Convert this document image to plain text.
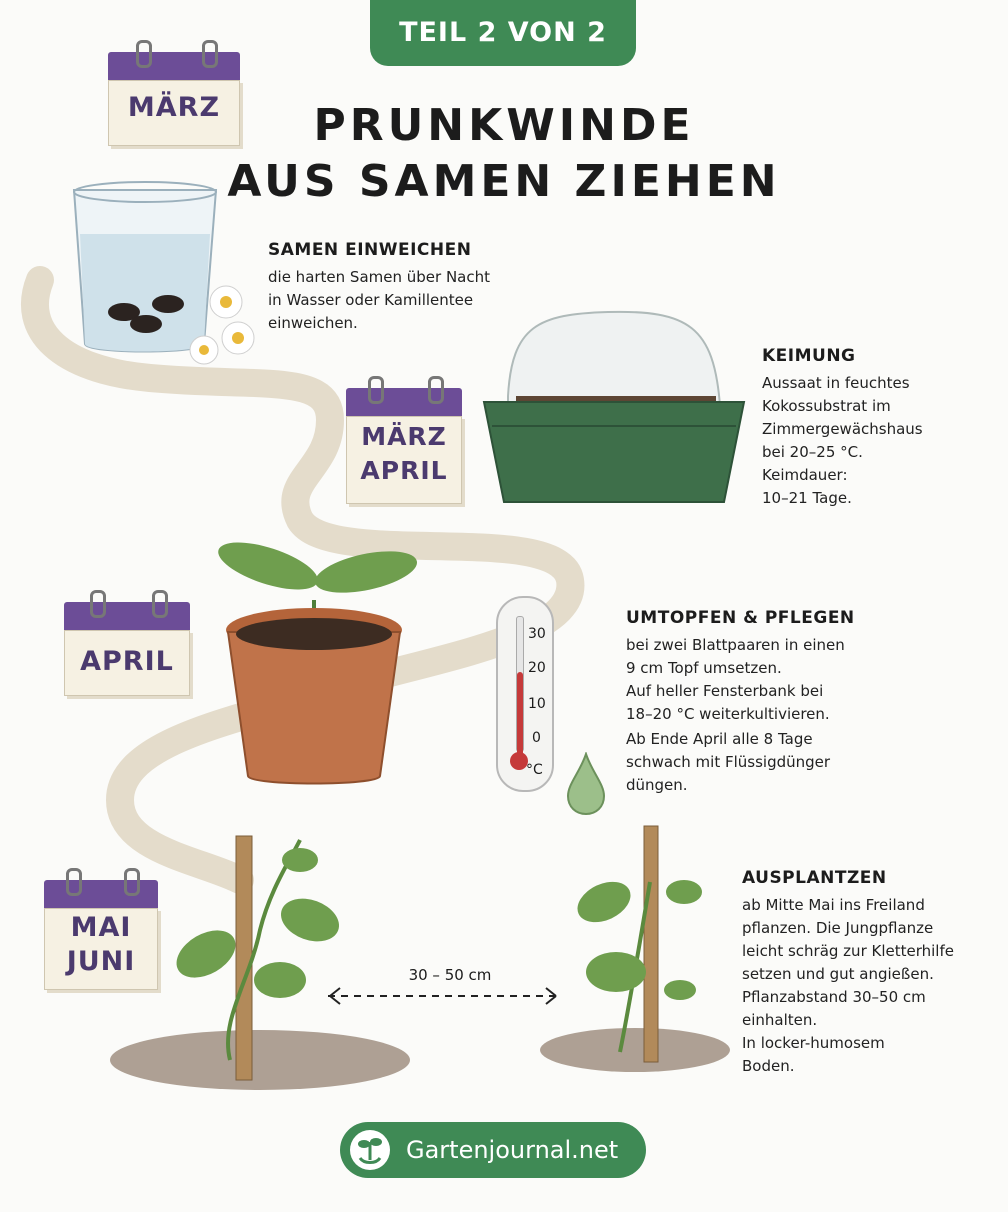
TEIL 2 VON 2
PRUNKWINDE
AUS SAMEN ZIEHEN
MÄRZ
SAMEN EINWEICHEN
die harten Samen über Nacht
in Wasser oder Kamillentee
einweichen.
MÄRZ
APRIL
KEIMUNG
Aussaat in feuchtes
Kokossubstrat im
Zimmergewächshaus
bei 20–25 °C.
Keimdauer:
10–21 Tage.
APRIL
30
20
10
0
°C
UMTOPFEN & PFLEGEN
bei zwei Blattpaaren in einen
9 cm Topf umsetzen.
Auf heller Fensterbank bei
18–20 °C weiterkultivieren.
Ab Ende April alle 8 Tage
schwach mit Flüssigdünger
düngen.
MAI
JUNI	30 – 50 cm
AUSPLANTZEN
ab Mitte Mai ins Freiland
pflanzen. Die Jungpflanze
leicht schräg zur Kletterhilfe
setzen und gut angießen.
Pflanzabstand 30–50 cm
einhalten.
In locker-humosem
Boden.
Gartenjournal.net
